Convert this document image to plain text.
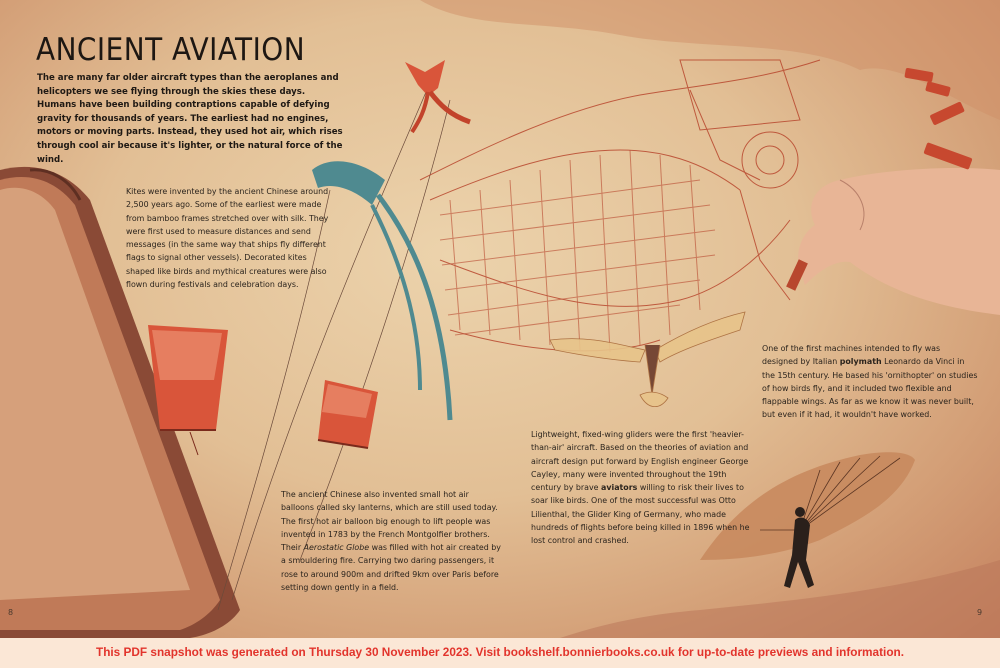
ANCIENT AVIATION

The are many far older aircraft types than the aeroplanes and helicopters we see flying through the skies these days. Humans have been building contraptions capable of defying gravity for thousands of years. The earliest had no engines, motors or moving parts. Instead, they used hot air, which rises through cool air because it's lighter, or the natural force of the wind.

Kites were invented by the ancient Chinese around 2,500 years ago. Some of the earliest were made from bamboo frames stretched over with silk. They were first used to measure distances and send messages (in the same way that ships fly different flags to signal other vessels). Decorated kites shaped like birds and mythical creatures were also flown during festivals and celebration days.

The ancient Chinese also invented small hot air balloons called sky lanterns, which are still used today. The first hot air balloon big enough to lift people was invented in 1783 by the French Montgolfier brothers. Their Aerostatic Globe was filled with hot air created by a smouldering fire. Carrying two daring passengers, it rose to around 900m and drifted 9km over Paris before setting down gently in a field.

Lightweight, fixed-wing gliders were the first 'heavier-than-air' aircraft. Based on the theories of aviation and aircraft design put forward by English engineer George Cayley, many were invented throughout the 19th century by brave aviators willing to risk their lives to soar like birds. One of the most successful was Otto Lilienthal, the Glider King of Germany, who made hundreds of flights before being killed in 1896 when he lost control and crashed.

One of the first machines intended to fly was designed by Italian polymath Leonardo da Vinci in the 15th century. He based his 'ornithopter' on studies of how birds fly, and it included two flexible and flappable wings. As far as we know it was never built, but even if it had, it wouldn't have worked.

8	9
This PDF snapshot was generated on Thursday 30 November 2023. Visit bookshelf.bonnierbooks.co.uk for up-to-date previews and information.
